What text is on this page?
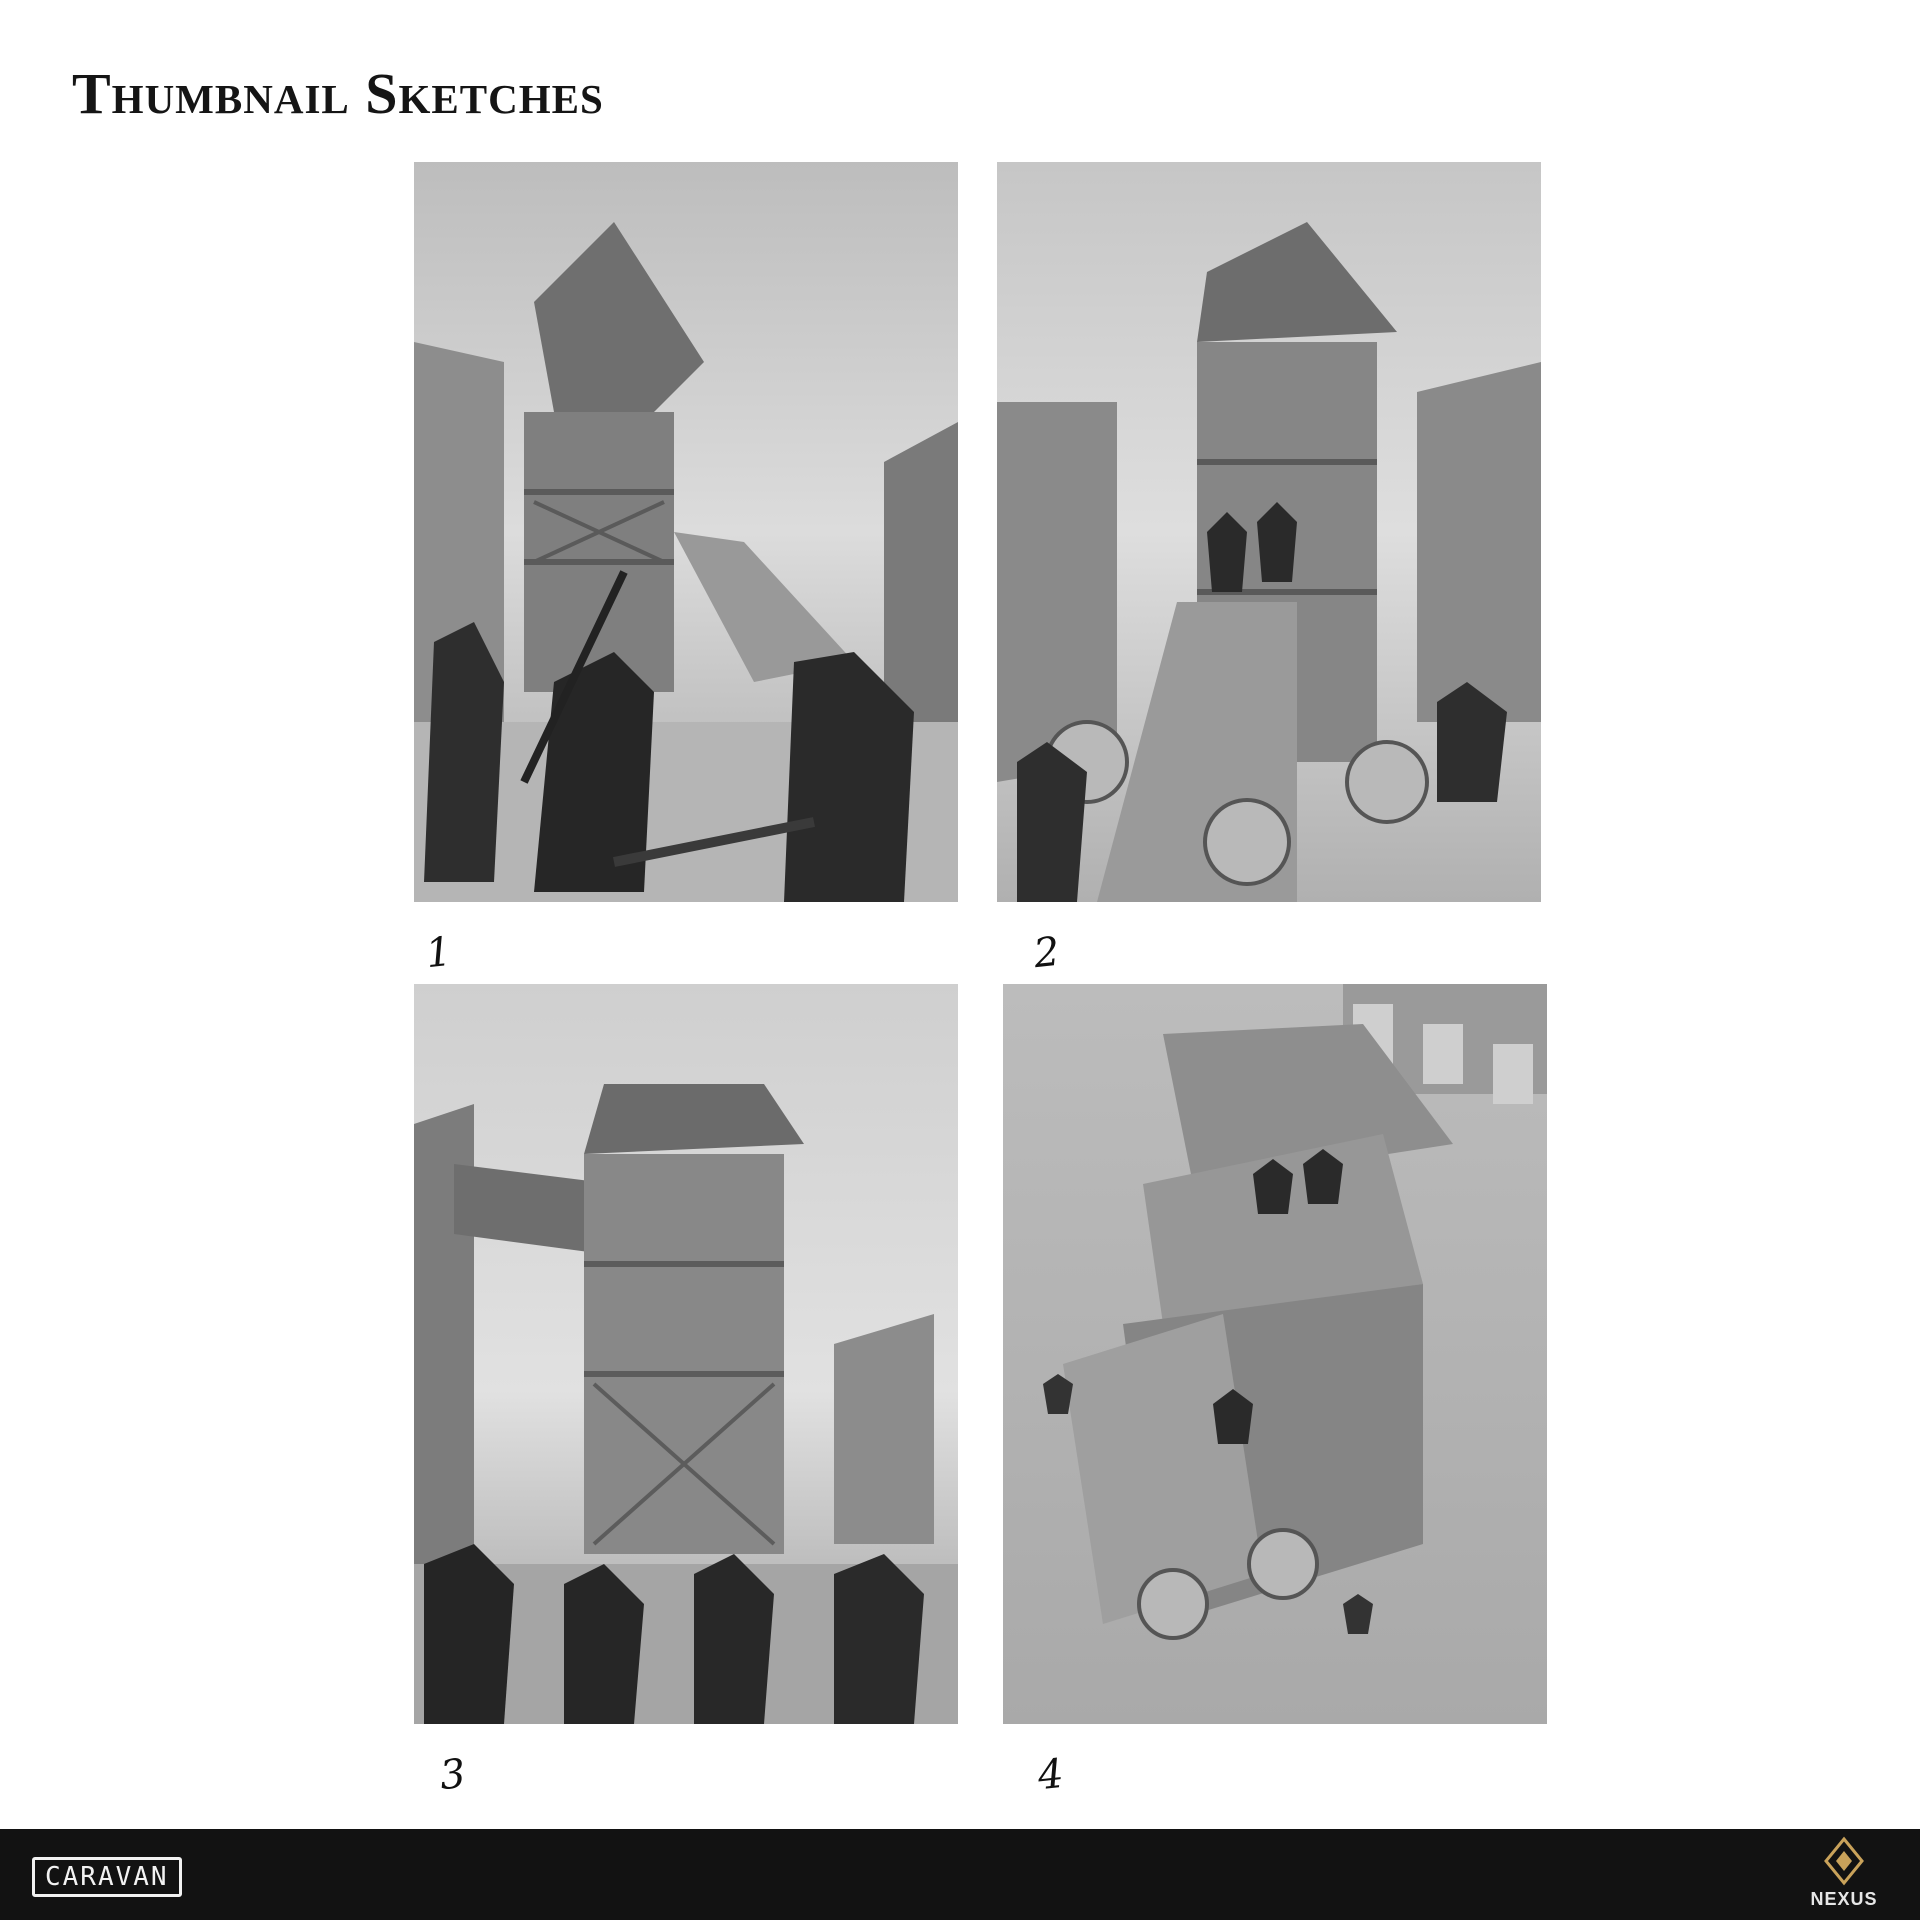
Thumbnail Sketches
1	2
3	4
CARAVAN
NEXUS
